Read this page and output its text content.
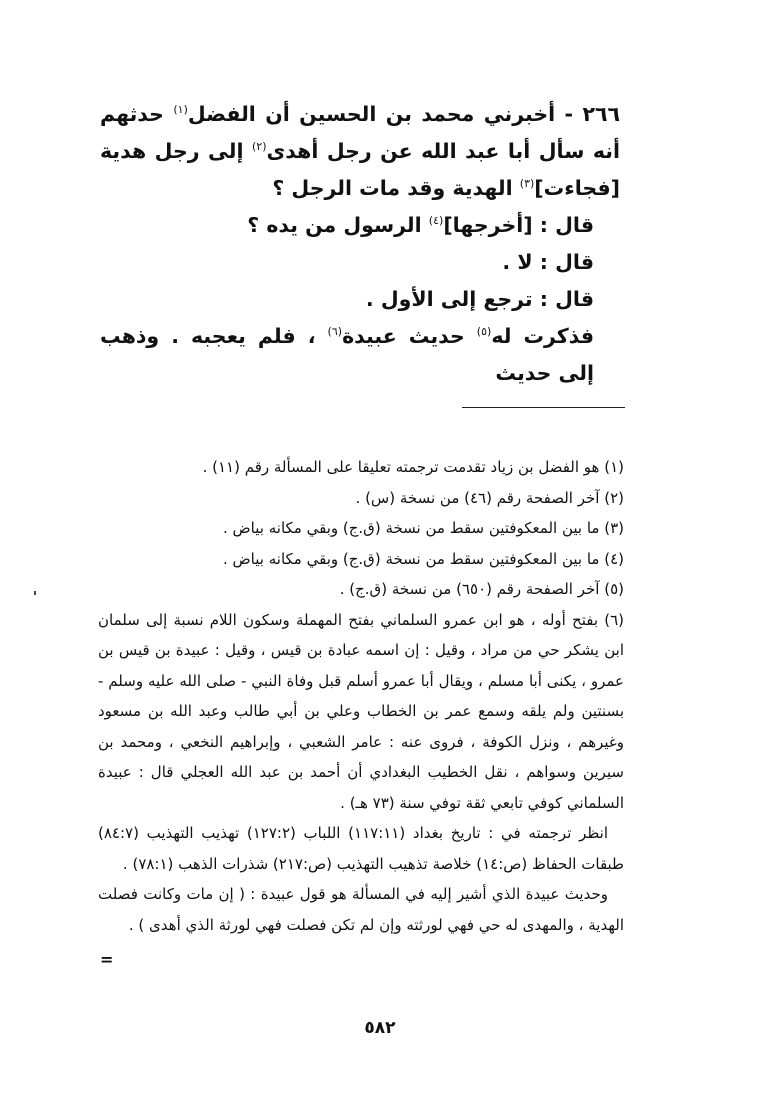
٢٦٦ - أخبرني محمد بن الحسين أن الفضل$^{(١)}$ حدثهم أنه سأل أبا عبد الله عن رجل أهدى$^{(٢)}$ إلى رجل هدية [فجاءت]$^{(٣)}$ الهدية وقد مات الرجل ؟

قال : [أخرجها]$^{(٤)}$ الرسول من يده ؟

قال : لا .

قال : ترجع إلى الأول .

فذكرت له$^{(٥)}$ حديث عبيدة$^{(٦)}$ ، فلم يعجبه . وذهب إلى حديث

(١) هو الفضل بن زياد تقدمت ترجمته تعليقا على المسألة رقم (١١) .

(٢) آخر الصفحة رقم (٤٦) من نسخة (س) .

(٣) ما بين المعكوفتين سقط من نسخة (ق.ج) وبقي مكانه بياض .

(٤) ما بين المعكوفتين سقط من نسخة (ق.ج) وبقي مكانه بياض .

(٥) آخر الصفحة رقم (٦٥٠) من نسخة (ق.ج) .

(٦) بفتح أوله ، هو ابن عمرو السلماني بفتح المهملة وسكون اللام نسبة إلى سلمان ابن يشكر حي من مراد ، وقيل : إن اسمه عبادة بن قيس ، وقيل : عبيدة بن قيس بن عمرو ، يكنى أبا مسلم ، ويقال أبا عمرو أسلم قبل وفاة النبي - صلى الله عليه وسلم - بسنتين ولم يلقه وسمع عمر بن الخطاب وعلي بن أبي طالب وعبد الله بن مسعود وغيرهم ، ونزل الكوفة ، فروى عنه : عامر الشعبي ، وإبراهيم النخعي ، ومحمد بن سيرين وسواهم ، نقل الخطيب البغدادي أن أحمد بن عبد الله العجلي قال : عبيدة السلماني كوفي تابعي ثقة توفي سنة (٧٣ هـ) .

انظر ترجمته في : تاريخ بغداد (١١٧:١١) اللباب (١٢٧:٢) تهذيب التهذيب (٨٤:٧) طبقات الحفاظ (ص:١٤) خلاصة تذهيب التهذيب (ص:٢١٧) شذرات الذهب (٧٨:١) .

وحديث عبيدة الذي أشير إليه في المسألة هو قول عبيدة : ( إن مات وكانت فصلت الهدية ، والمهدى له حي فهي لورثته وإن لم تكن فصلت فهي لورثة الذي أهدى ) .

=
٥٨٢
